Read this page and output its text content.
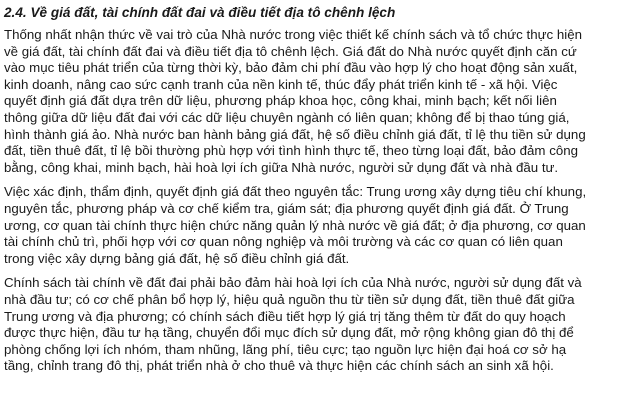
2.4. Về giá đất, tài chính đất đai và điều tiết địa tô chênh lệch
Thống nhất nhận thức về vai trò của Nhà nước trong việc thiết kế chính sách và tổ chức thực hiện
về giá đất, tài chính đất đai và điều tiết địa tô chênh lệch. Giá đất do Nhà nước quyết định căn cứ
vào mục tiêu phát triển của từng thời kỳ, bảo đảm chi phí đầu vào hợp lý cho hoạt động sản xuất,
kinh doanh, nâng cao sức cạnh tranh của nền kinh tế, thúc đẩy phát triển kinh tế - xã hội. Việc
quyết định giá đất dựa trên dữ liệu, phương pháp khoa học, công khai, minh bạch; kết nối liên
thông giữa dữ liệu đất đai với các dữ liệu chuyên ngành có liên quan; không để bị thao túng giá,
hình thành giá ảo. Nhà nước ban hành bảng giá đất, hệ số điều chỉnh giá đất, tỉ lệ thu tiền sử dụng
đất, tiền thuê đất, tỉ lệ bồi thường phù hợp với tình hình thực tế, theo từng loại đất, bảo đảm công
bằng, công khai, minh bạch, hài hoà lợi ích giữa Nhà nước, người sử dụng đất và nhà đầu tư.
Việc xác định, thẩm định, quyết định giá đất theo nguyên tắc: Trung ương xây dựng tiêu chí khung,
nguyên tắc, phương pháp và cơ chế kiểm tra, giám sát; địa phương quyết định giá đất. Ở Trung
ương, cơ quan tài chính thực hiện chức năng quản lý nhà nước về giá đất; ở địa phương, cơ quan
tài chính chủ trì, phối hợp với cơ quan nông nghiệp và môi trường và các cơ quan có liên quan
trong việc xây dựng bảng giá đất, hệ số điều chỉnh giá đất.
Chính sách tài chính về đất đai phải bảo đảm hài hoà lợi ích của Nhà nước, người sử dụng đất và
nhà đầu tư; có cơ chế phân bổ hợp lý, hiệu quả nguồn thu từ tiền sử dụng đất, tiền thuê đất giữa
Trung ương và địa phương; có chính sách điều tiết hợp lý giá trị tăng thêm từ đất do quy hoạch
được thực hiện, đầu tư hạ tầng, chuyển đổi mục đích sử dụng đất, mở rộng không gian đô thị để
phòng chống lợi ích nhóm, tham nhũng, lãng phí, tiêu cực; tạo nguồn lực hiện đại hoá cơ sở hạ
tầng, chỉnh trang đô thị, phát triển nhà ở cho thuê và thực hiện các chính sách an sinh xã hội.
